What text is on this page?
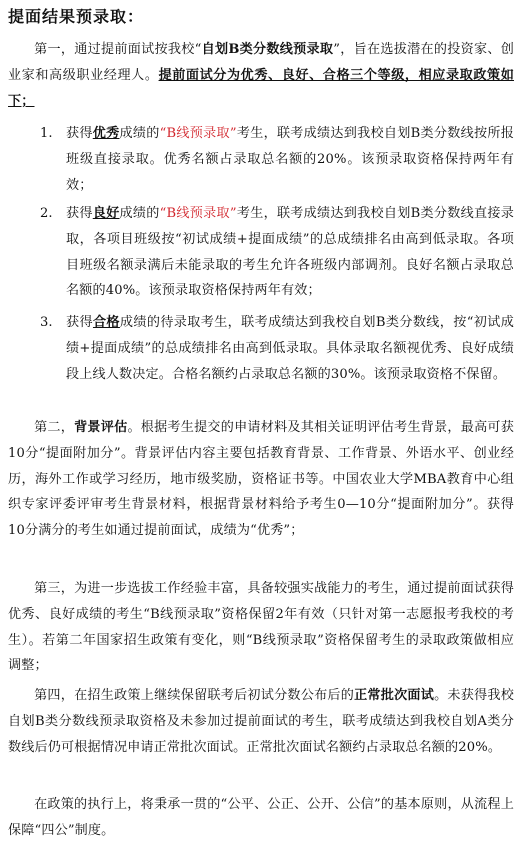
提面结果预录取：
第一，通过提前面试按我校“自划B类分数线预录取”，旨在选拔潜在的投资家、创业家和高级职业经理人。提前面试分为优秀、良好、合格三个等级，相应录取政策如下；
1. 获得优秀成绩的“B线预录取”考生，联考成绩达到我校自划B类分数线按所报班级直接录取。优秀名额占录取总名额的20%。该预录取资格保持两年有效；
2. 获得良好成绩的“B线预录取”考生，联考成绩达到我校自划B类分数线直接录取，各项目班级按“初试成绩+提面成绩”的总成绩排名由高到低录取。各项目班级名额录满后未能录取的考生允许各班级内部调剂。良好名额占录取总名额的40%。该预录取资格保持两年有效；
3. 获得合格成绩的待录取考生，联考成绩达到我校自划B类分数线，按“初试成绩+提面成绩”的总成绩排名由高到低录取。具体录取名额视优秀、良好成绩段上线人数决定。合格名额约占录取总名额的30%。该预录取资格不保留。
第二，背景评估。根据考生提交的申请材料及其相关证明评估考生背景，最高可获10分“提面附加分”。背景评估内容主要包括教育背景、工作背景、外语水平、创业经历，海外工作或学习经历，地市级奖励，资格证书等。中国农业大学MBA教育中心组织专家评委评审考生背景材料，根据背景材料给予考生0—10分“提面附加分”。获得10分满分的考生如通过提前面试，成绩为“优秀”；
第三，为进一步选拔工作经验丰富，具备较强实战能力的考生，通过提前面试获得优秀、良好成绩的考生“B线预录取”资格保留2年有效（只针对第一志愿报考我校的考生）。若第二年国家招生政策有变化，则“B线预录取”资格保留考生的录取政策做相应调整；
第四，在招生政策上继续保留联考后初试分数公布后的正常批次面试。未获得我校自划B类分数线预录取资格及未参加过提前面试的考生，联考成绩达到我校自划A类分数线后仍可根据情况申请正常批次面试。正常批次面试名额约占录取总名额的20%。
在政策的执行上，将秉承一贯的“公平、公正、公开、公信”的基本原则，从流程上保障“四公”制度。
